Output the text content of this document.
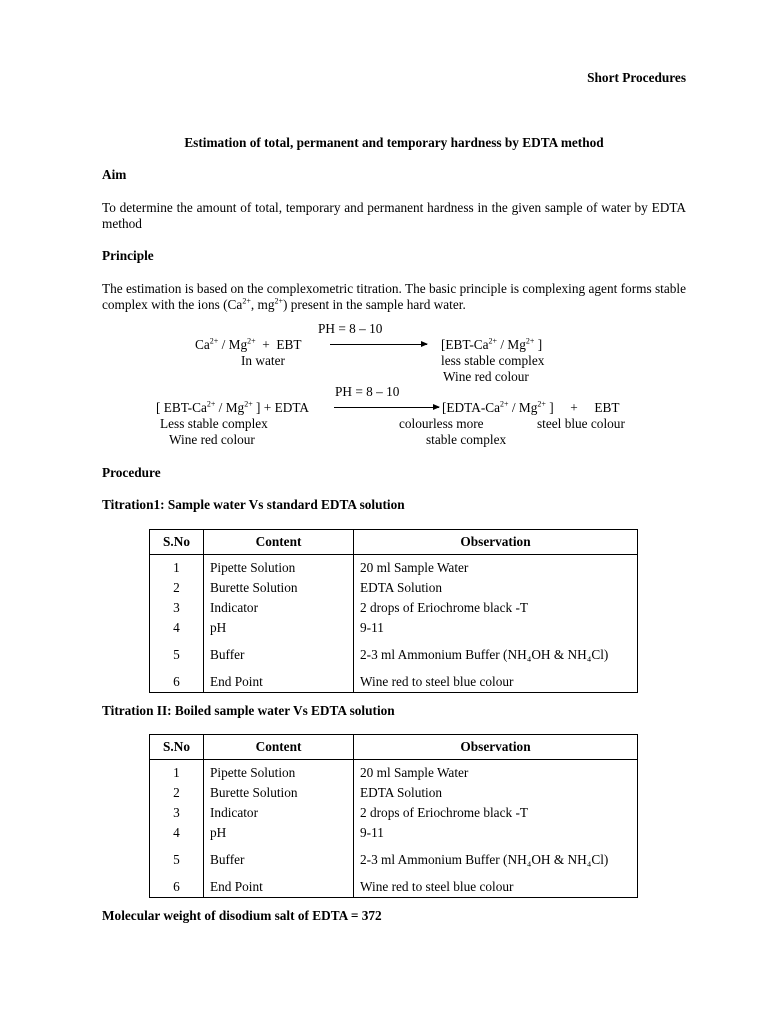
Short Procedures
Estimation of total, permanent and temporary hardness by EDTA method
Aim
To determine the amount of total, temporary and permanent hardness in the given sample of water by EDTA method
Principle
The estimation is based on the complexometric titration. The basic principle is complexing agent forms stable complex with the ions ($Ca^{2+}$, $mg^{2+}$) present in the sample hard water.
PH = 8 – 10
$Ca^{2+} / Mg^{2+}$  +  EBT	[$EBT-Ca^{2+} / Mg^{2+}$ ]
In water	less stable complex
Wine red colour
PH = 8 – 10
[ EBT-$Ca^{2+} / Mg^{2+}$ ] + EDTA	[$EDTA-Ca^{2+} / Mg^{2+}$ ]     +     EBT
Less stable complex
Wine red colour
colourless more	steel blue colour
stable complex
Procedure
Titration1: Sample water Vs standard EDTA solution
S.No	Content	Observation
1	Pipette Solution	20 ml Sample Water
2	Burette Solution	EDTA Solution
3	Indicator	2 drops of Eriochrome black -T
4	pH	9-11
5	Buffer	2-3 ml Ammonium Buffer (NH₄OH & NH₄Cl)
6	End Point	Wine red to steel blue colour
Titration II: Boiled sample water Vs EDTA solution
S.No	Content	Observation
1	Pipette Solution	20 ml Sample Water
2	Burette Solution	EDTA Solution
3	Indicator	2 drops of Eriochrome black -T
4	pH	9-11
5	Buffer	2-3 ml Ammonium Buffer (NH₄OH & NH₄Cl)
6	End Point	Wine red to steel blue colour
Molecular weight of disodium salt of EDTA = 372
